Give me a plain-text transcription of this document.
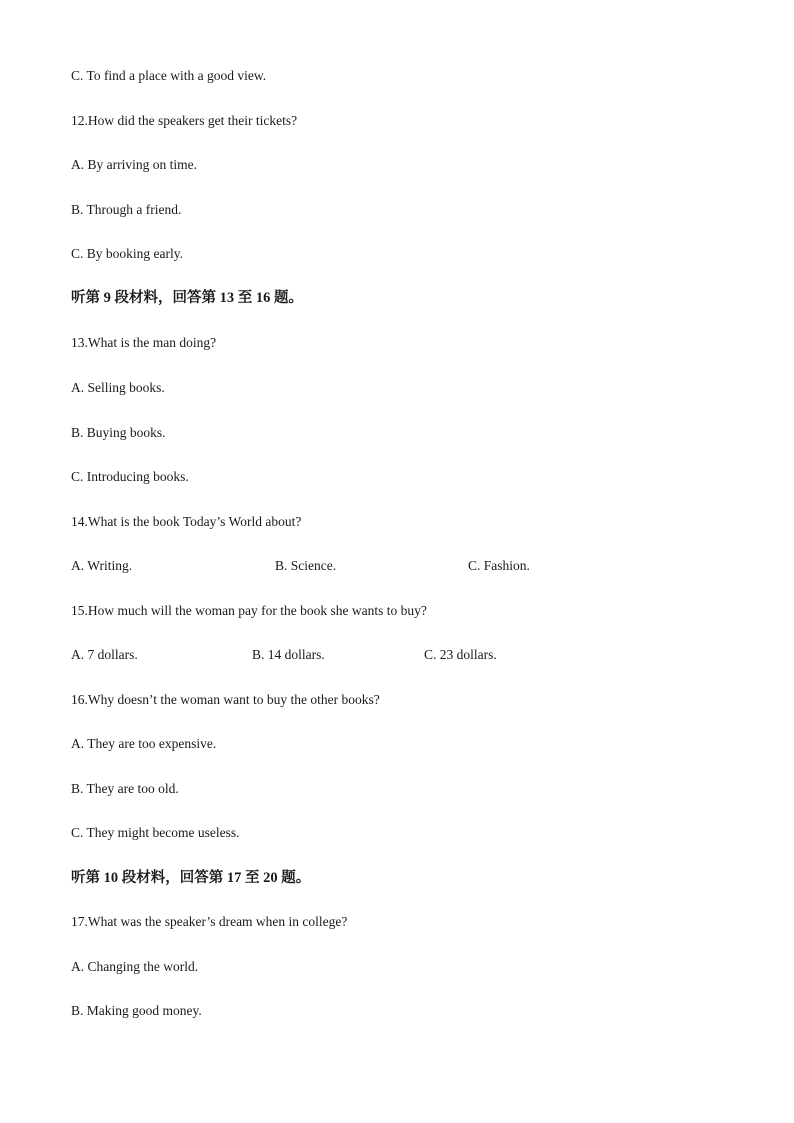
C. To find a place with a good view.
12.How did the speakers get their tickets?
A. By arriving on time.
B. Through a friend.
C. By booking early.
听第 9 段材料，回答第 13 至 16 题。
13.What is the man doing?
A. Selling books.
B. Buying books.
C. Introducing books.
14.What is the book Today’s World about?
A. Writing.	B. Science.	C. Fashion.
15.How much will the woman pay for the book she wants to buy?
A. 7 dollars.	B. 14 dollars.	C. 23 dollars.
16.Why doesn’t the woman want to buy the other books?
A. They are too expensive.
B. They are too old.
C. They might become useless.
听第 10 段材料，回答第 17 至 20 题。
17.What was the speaker’s dream when in college?
A. Changing the world.
B. Making good money.
